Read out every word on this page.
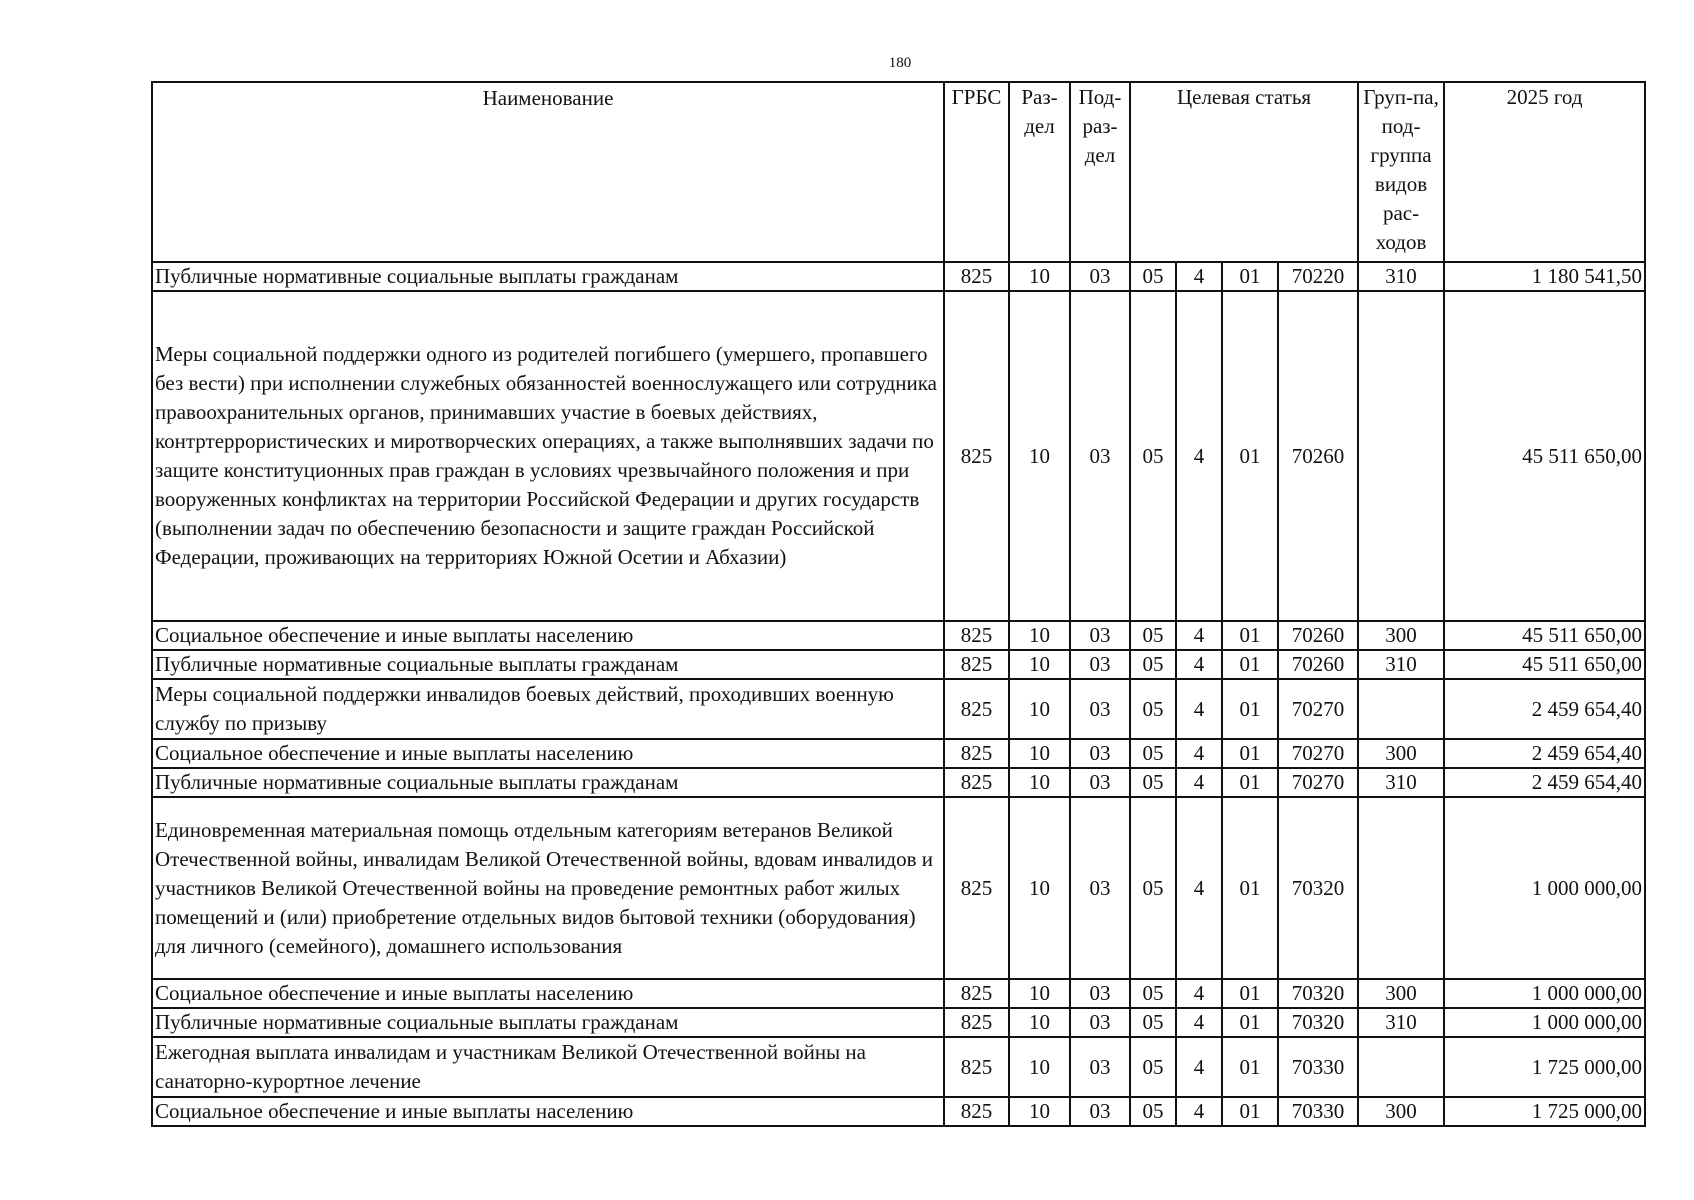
180
Наименование	ГРБС	Раз-дел	Под-раз-дел	Целевая статья				Груп-па, под-группа видов рас-ходов	2025 год
Публичные нормативные социальные выплаты гражданам	825	10	03	05	4	01	70220	310	1 180 541,50
Меры социальной поддержки одного из родителей погибшего (умершего, пропавшего без вести) при исполнении служебных обязанностей военнослужащего или сотрудника правоохранительных органов, принимавших участие в боевых действиях, контртеррористических и миротворческих операциях, а также выполнявших задачи по защите конституционных прав граждан в условиях чрезвычайного положения и при вооруженных конфликтах на территории Российской Федерации и других государств (выполнении задач по обеспечению безопасности и защите граждан Российской Федерации, проживающих на территориях Южной Осетии и Абхазии)	825	10	03	05	4	01	70260		45 511 650,00
Социальное обеспечение и иные выплаты населению	825	10	03	05	4	01	70260	300	45 511 650,00
Публичные нормативные социальные выплаты гражданам	825	10	03	05	4	01	70260	310	45 511 650,00
Меры социальной поддержки инвалидов боевых действий, проходивших военную службу по призыву	825	10	03	05	4	01	70270		2 459 654,40
Социальное обеспечение и иные выплаты населению	825	10	03	05	4	01	70270	300	2 459 654,40
Публичные нормативные социальные выплаты гражданам	825	10	03	05	4	01	70270	310	2 459 654,40
Единовременная материальная помощь отдельным категориям ветеранов Великой Отечественной войны, инвалидам Великой Отечественной войны, вдовам инвалидов и участников Великой Отечественной войны на проведение ремонтных работ жилых помещений и (или) приобретение отдельных видов бытовой техники (оборудования) для личного (семейного), домашнего использования	825	10	03	05	4	01	70320		1 000 000,00
Социальное обеспечение и иные выплаты населению	825	10	03	05	4	01	70320	300	1 000 000,00
Публичные нормативные социальные выплаты гражданам	825	10	03	05	4	01	70320	310	1 000 000,00
Ежегодная выплата инвалидам и участникам Великой Отечественной войны на санаторно-курортное лечение	825	10	03	05	4	01	70330		1 725 000,00
Социальное обеспечение и иные выплаты населению	825	10	03	05	4	01	70330	300	1 725 000,00
